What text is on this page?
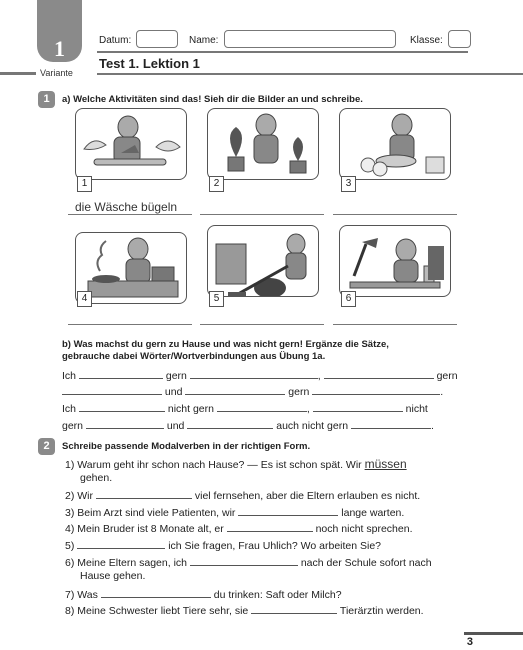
1
Variante
Datum:	Name:	Klasse:
Test 1. Lektion 1
1	a) Welche Aktivitäten sind das! Sieh dir die Bilder an und schreibe.
1	2	3
die Wäsche bügeln
4	5	6
b) Was machst du gern zu Hause und was nicht gern! Ergänze die Sätze,
gebrauche dabei Wörter/Wortverbindungen aus Übung 1a.
Ich	gern	,	gern
und	gern	.
Ich	nicht gern	,	nicht
gern	und	auch nicht gern	.
2	Schreibe passende Modalverben in der richtigen Form.
1) Warum geht ihr schon nach Hause? — Es ist schon spät. Wir müssen
gehen.
2) Wir	viel fernsehen, aber die Eltern erlauben es nicht.
3) Beim Arzt sind viele Patienten, wir	lange warten.
4) Mein Bruder ist 8 Monate alt, er	noch nicht sprechen.
5)	ich Sie fragen, Frau Uhlich? Wo arbeiten Sie?
6) Meine Eltern sagen, ich	nach der Schule sofort nach
Hause gehen.
7) Was	du trinken: Saft oder Milch?
8) Meine Schwester liebt Tiere sehr, sie	Tierärztin werden.
3
